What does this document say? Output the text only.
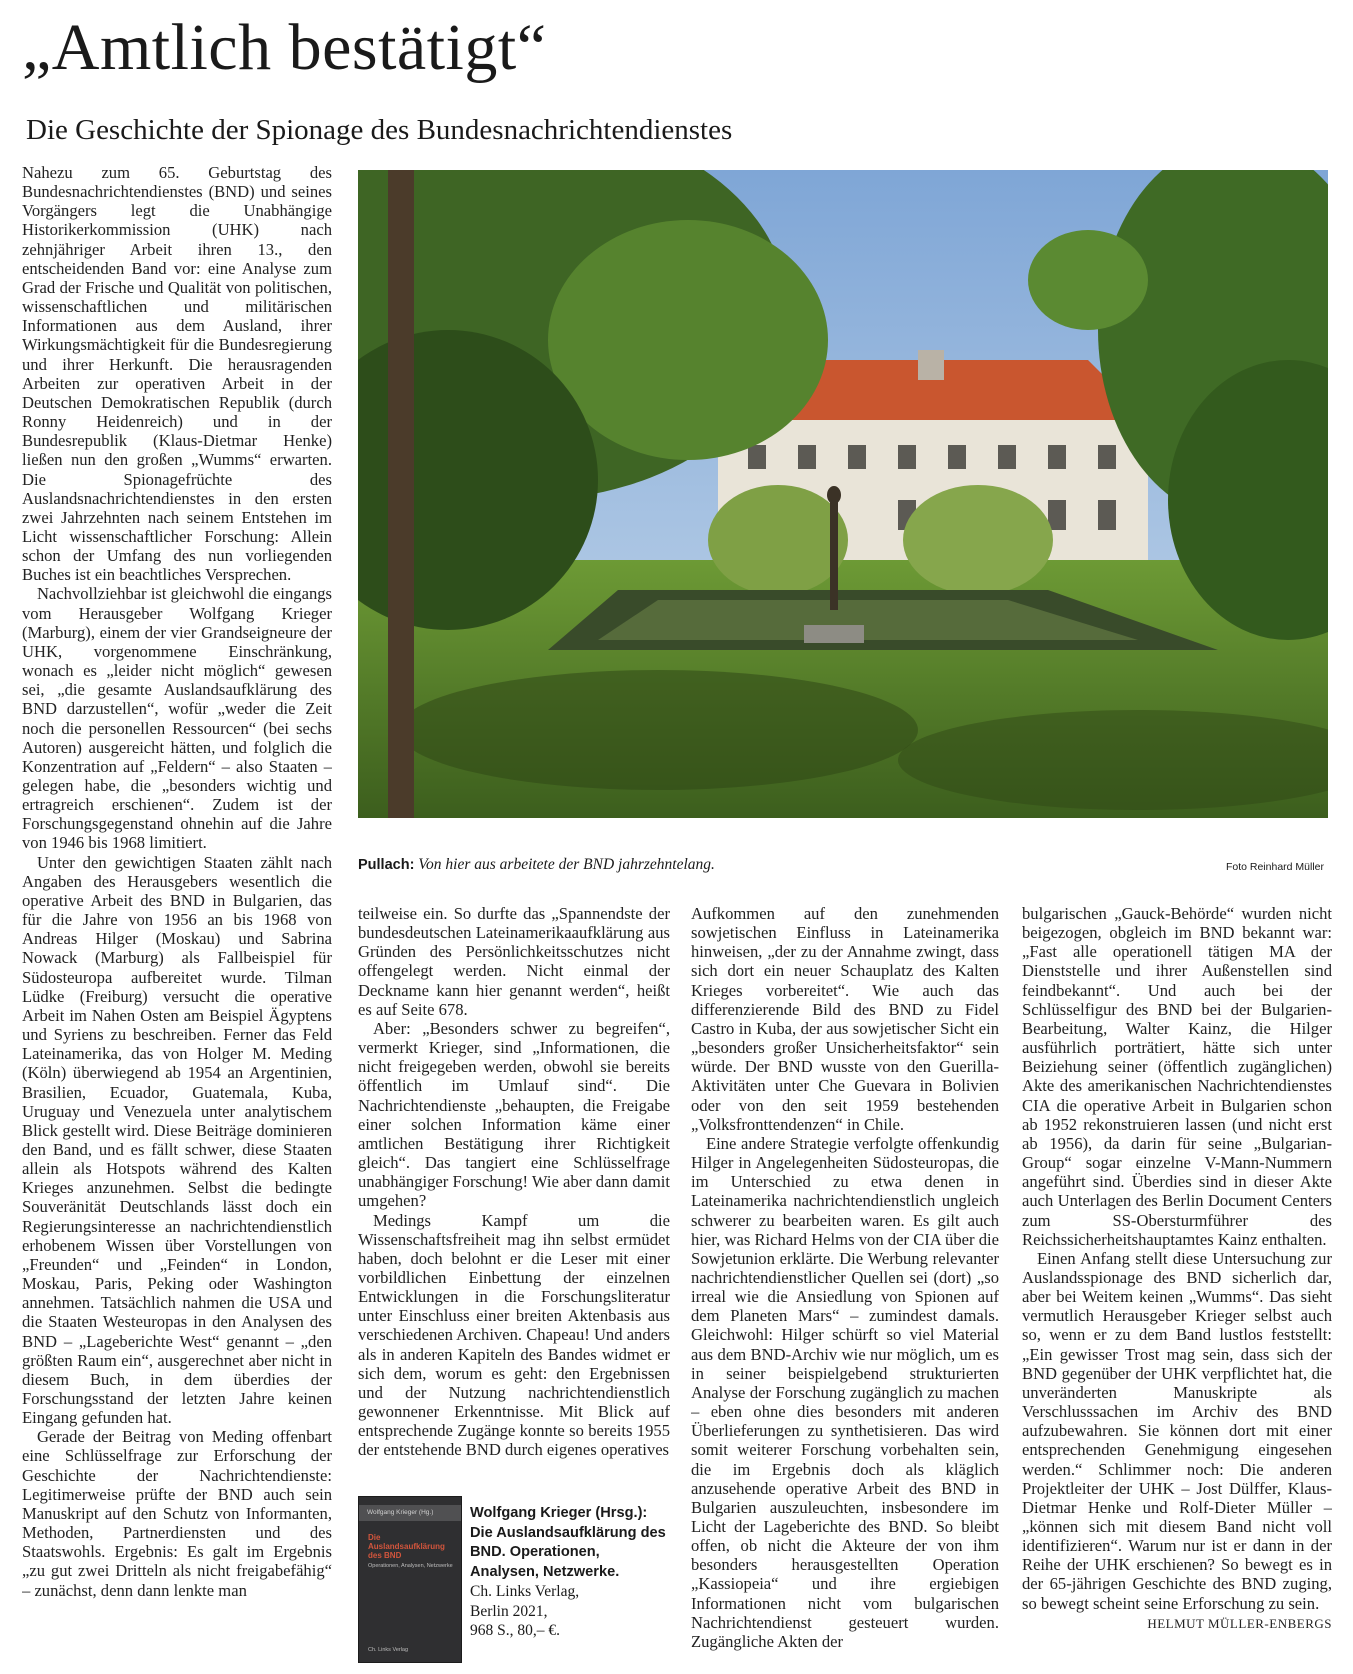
„Amtlich bestätigt“
Die Geschichte der Spionage des Bundesnachrichtendienstes

Nahezu zum 65. Geburtstag des Bundesnachrichtendienstes (BND) und seines Vorgängers legt die Unabhängige Historikerkommission (UHK) nach zehnjähriger Arbeit ihren 13., den entscheidenden Band vor: eine Analyse zum Grad der Frische und Qualität von politischen, wissenschaftlichen und militärischen Informationen aus dem Ausland, ihrer Wirkungsmächtigkeit für die Bundesregierung und ihrer Herkunft. Die herausragenden Arbeiten zur operativen Arbeit in der Deutschen Demokratischen Republik (durch Ronny Heidenreich) und in der Bundesrepublik (Klaus-Dietmar Henke) ließen nun den großen „Wumms“ erwarten. Die Spionagefrüchte des Auslandsnachrichtendienstes in den ersten zwei Jahrzehnten nach seinem Entstehen im Licht wissenschaftlicher Forschung: Allein schon der Umfang des nun vorliegenden Buches ist ein beachtliches Versprechen.

Nachvollziehbar ist gleichwohl die eingangs vom Herausgeber Wolfgang Krieger (Marburg), einem der vier Grandseigneure der UHK, vorgenommene Einschränkung, wonach es „leider nicht möglich“ gewesen sei, „die gesamte Auslandsaufklärung des BND darzustellen“, wofür „weder die Zeit noch die personellen Ressourcen“ (bei sechs Autoren) ausgereicht hätten, und folglich die Konzentration auf „Feldern“ – also Staaten – gelegen habe, die „besonders wichtig und ertragreich erschienen“. Zudem ist der Forschungsgegenstand ohnehin auf die Jahre von 1946 bis 1968 limitiert.

Unter den gewichtigen Staaten zählt nach Angaben des Herausgebers wesentlich die operative Arbeit des BND in Bulgarien, das für die Jahre von 1956 an bis 1968 von Andreas Hilger (Moskau) und Sabrina Nowack (Marburg) als Fallbeispiel für Südosteuropa aufbereitet wurde. Tilman Lüdke (Freiburg) versucht die operative Arbeit im Nahen Osten am Beispiel Ägyptens und Syriens zu beschreiben. Ferner das Feld Lateinamerika, das von Holger M. Meding (Köln) überwiegend ab 1954 an Argentinien, Brasilien, Ecuador, Guatemala, Kuba, Uruguay und Venezuela unter analytischem Blick gestellt wird. Diese Beiträge dominieren den Band, und es fällt schwer, diese Staaten allein als Hotspots während des Kalten Krieges anzunehmen. Selbst die bedingte Souveränität Deutschlands lässt doch ein Regierungsinteresse an nachrichtendienstlich erhobenem Wissen über Vorstellungen von „Freunden“ und „Feinden“ in London, Moskau, Paris, Peking oder Washington annehmen. Tatsächlich nahmen die USA und die Staaten Westeuropas in den Analysen des BND – „Lageberichte West“ genannt – „den größten Raum ein“, ausgerechnet aber nicht in diesem Buch, in dem überdies der Forschungsstand der letzten Jahre keinen Eingang gefunden hat.

Gerade der Beitrag von Meding offenbart eine Schlüsselfrage zur Erforschung der Geschichte der Nachrichtendienste: Legitimerweise prüfte der BND auch sein Manuskript auf den Schutz von Informanten, Methoden, Partnerdiensten und des Staatswohls. Ergebnis: Es galt im Ergebnis „zu gut zwei Dritteln als nicht freigabefähig“ – zunächst, denn dann lenkte man

Pullach: Von hier aus arbeitete der BND jahrzehntelang.	Foto Reinhard Müller

teilweise ein. So durfte das „Spannendste der bundesdeutschen Lateinamerikaaufklärung aus Gründen des Persönlichkeitsschutzes nicht offengelegt werden. Nicht einmal der Deckname kann hier genannt werden“, heißt es auf Seite 678.

Aber: „Besonders schwer zu begreifen“, vermerkt Krieger, sind „Informationen, die nicht freigegeben werden, obwohl sie bereits öffentlich im Umlauf sind“. Die Nachrichtendienste „behaupten, die Freigabe einer solchen Information käme einer amtlichen Bestätigung ihrer Richtigkeit gleich“. Das tangiert eine Schlüsselfrage unabhängiger Forschung! Wie aber dann damit umgehen?

Medings Kampf um die Wissenschaftsfreiheit mag ihn selbst ermüdet haben, doch belohnt er die Leser mit einer vorbildlichen Einbettung der einzelnen Entwicklungen in die Forschungsliteratur unter Einschluss einer breiten Aktenbasis aus verschiedenen Archiven. Chapeau! Und anders als in anderen Kapiteln des Bandes widmet er sich dem, worum es geht: den Ergebnissen und der Nutzung nachrichtendienstlich gewonnener Erkenntnisse. Mit Blick auf entsprechende Zugänge konnte so bereits 1955 der entstehende BND durch eigenes operatives

Wolfgang Krieger (Hg.)
Die Auslandsaufklärung des BND
Operationen, Analysen, Netzwerke
Ch. Links Verlag
Wolfgang Krieger (Hrsg.):
Die Auslandsaufklärung des BND. Operationen, Analysen, Netzwerke.
Ch. Links Verlag,
Berlin 2021,
968 S., 80,– €.

Aufkommen auf den zunehmenden sowjetischen Einfluss in Lateinamerika hinweisen, „der zu der Annahme zwingt, dass sich dort ein neuer Schauplatz des Kalten Krieges vorbereitet“. Wie auch das differenzierende Bild des BND zu Fidel Castro in Kuba, der aus sowjetischer Sicht ein „besonders großer Unsicherheitsfaktor“ sein würde. Der BND wusste von den Guerilla-Aktivitäten unter Che Guevara in Bolivien oder von den seit 1959 bestehenden „Volksfronttendenzen“ in Chile.

Eine andere Strategie verfolgte offenkundig Hilger in Angelegenheiten Südosteuropas, die im Unterschied zu etwa denen in Lateinamerika nachrichtendienstlich ungleich schwerer zu bearbeiten waren. Es gilt auch hier, was Richard Helms von der CIA über die Sowjetunion erklärte. Die Werbung relevanter nachrichtendienstlicher Quellen sei (dort) „so irreal wie die Ansiedlung von Spionen auf dem Planeten Mars“ – zumindest damals. Gleichwohl: Hilger schürft so viel Material aus dem BND-Archiv wie nur möglich, um es in seiner beispielgebend strukturierten Analyse der Forschung zugänglich zu machen – eben ohne dies besonders mit anderen Überlieferungen zu synthetisieren. Das wird somit weiterer Forschung vorbehalten sein, die im Ergebnis doch als kläglich anzusehende operative Arbeit des BND in Bulgarien auszuleuchten, insbesondere im Licht der Lageberichte des BND. So bleibt offen, ob nicht die Akteure der von ihm besonders herausgestellten Operation „Kassiopeia“ und ihre ergiebigen Informationen nicht vom bulgarischen Nachrichtendienst gesteuert wurden. Zugängliche Akten der

bulgarischen „Gauck-Behörde“ wurden nicht beigezogen, obgleich im BND bekannt war: „Fast alle operationell tätigen MA der Dienststelle und ihrer Außenstellen sind feindbekannt“. Und auch bei der Schlüsselfigur des BND bei der Bulgarien-Bearbeitung, Walter Kainz, die Hilger ausführlich porträtiert, hätte sich unter Beiziehung seiner (öffentlich zugänglichen) Akte des amerikanischen Nachrichtendienstes CIA die operative Arbeit in Bulgarien schon ab 1952 rekonstruieren lassen (und nicht erst ab 1956), da darin für seine „Bulgarian-Group“ sogar einzelne V-Mann-Nummern angeführt sind. Überdies sind in dieser Akte auch Unterlagen des Berlin Document Centers zum SS-Obersturmführer des Reichssicherheitshauptamtes Kainz enthalten.

Einen Anfang stellt diese Untersuchung zur Auslandsspionage des BND sicherlich dar, aber bei Weitem keinen „Wumms“. Das sieht vermutlich Herausgeber Krieger selbst auch so, wenn er zu dem Band lustlos feststellt: „Ein gewisser Trost mag sein, dass sich der BND gegenüber der UHK verpflichtet hat, die unveränderten Manuskripte als Verschlusssachen im Archiv des BND aufzubewahren. Sie können dort mit einer entsprechenden Genehmigung eingesehen werden.“ Schlimmer noch: Die anderen Projektleiter der UHK – Jost Dülffer, Klaus-Dietmar Henke und Rolf-Dieter Müller – „können sich mit diesem Band nicht voll identifizieren“. Warum nur ist er dann in der Reihe der UHK erschienen? So bewegt es in der 65-jährigen Geschichte des BND zuging, so bewegt scheint seine Erforschung zu sein.

HELMUT MÜLLER-ENBERGS
